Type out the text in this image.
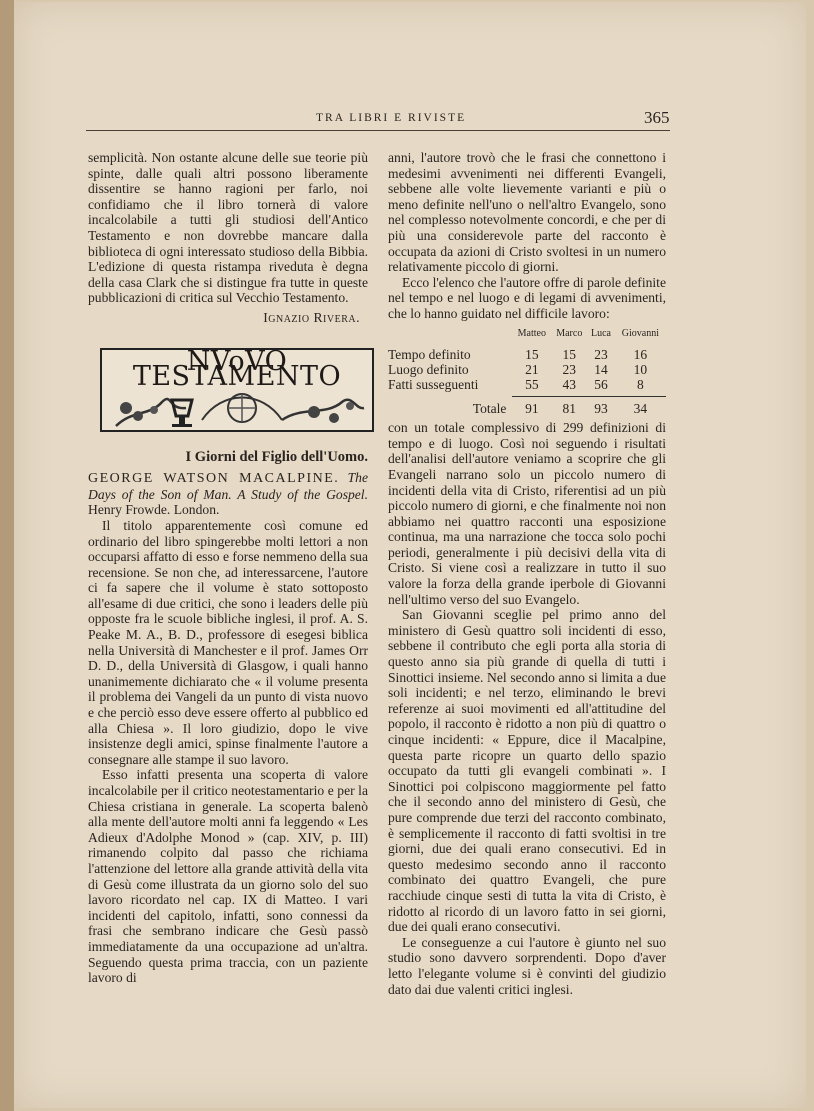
TRA LIBRI E RIVISTE	365

semplicità. Non ostante alcune delle sue teorie più spinte, dalle quali altri possono liberamente dissentire se hanno ragioni per farlo, noi confidiamo che il libro tornerà di valore incalcolabile a tutti gli studiosi dell'Antico Testamento e non dovrebbe mancare dalla biblioteca di ogni interessato studioso della Bibbia. L'edizione di questa ristampa riveduta è degna della casa Clark che si distingue fra tutte in queste pubblicazioni di critica sul Vecchio Testamento.

Ignazio Rivera.
NVoVO TESTAMENTO
I Giorni del Figlio dell'Uomo.

GEORGE WATSON MACALPINE. The Days of the Son of Man. A Study of the Gospel. Henry Frowde. London.

Il titolo apparentemente così comune ed ordinario del libro spingerebbe molti lettori a non occuparsi affatto di esso e forse nemmeno della sua recensione. Se non che, ad interessarcene, l'autore ci fa sapere che il volume è stato sottoposto all'esame di due critici, che sono i leaders delle più opposte fra le scuole bibliche inglesi, il prof. A. S. Peake M. A., B. D., professore di esegesi biblica nella Università di Manchester e il prof. James Orr D. D., della Università di Glasgow, i quali hanno unanimemente dichiarato che « il volume presenta il problema dei Vangeli da un punto di vista nuovo e che perciò esso deve essere offerto al pubblico ed alla Chiesa ». Il loro giudizio, dopo le vive insistenze degli amici, spinse finalmente l'autore a consegnare alle stampe il suo lavoro.

Esso infatti presenta una scoperta di valore incalcolabile per il critico neotestamentario e per la Chiesa cristiana in generale. La scoperta balenò alla mente dell'autore molti anni fa leggendo « Les Adieux d'Adolphe Monod » (cap. XIV, p. III) rimanendo colpito dal passo che richiama l'attenzione del lettore alla grande attività della vita di Gesù come illustrata da un giorno solo del suo lavoro ricordato nel cap. IX di Matteo. I vari incidenti del capitolo, infatti, sono connessi da frasi che sembrano indicare che Gesù passò immediatamente da una occupazione ad un'altra. Seguendo questa prima traccia, con un paziente lavoro di

anni, l'autore trovò che le frasi che connettono i medesimi avvenimenti nei differenti Evangeli, sebbene alle volte lievemente varianti e più o meno definite nell'uno o nell'altro Evangelo, sono nel complesso notevolmente concordi, e che per di più una considerevole parte del racconto è occupata da azioni di Cristo svoltesi in un numero relativamente piccolo di giorni.

Ecco l'elenco che l'autore offre di parole definite nel tempo e nel luogo e di legami di avvenimenti, che lo hanno guidato nel difficile lavoro:

	Matteo	Marco	Luca	Giovanni
Tempo definito	15	15	23	16
Luogo definito	21	23	14	10
Fatti susseguenti	55	43	56	8
Totale	91	81	93	34

con un totale complessivo di 299 definizioni di tempo e di luogo. Così noi seguendo i risultati dell'analisi dell'autore veniamo a scoprire che gli Evangeli narrano solo un piccolo numero di incidenti della vita di Cristo, riferentisi ad un più piccolo numero di giorni, e che finalmente noi non abbiamo nei quattro racconti una esposizione continua, ma una narrazione che tocca solo pochi periodi, generalmente i più decisivi della vita di Cristo. Si viene così a realizzare in tutto il suo valore la forza della grande iperbole di Giovanni nell'ultimo verso del suo Evangelo.

San Giovanni sceglie pel primo anno del ministero di Gesù quattro soli incidenti di esso, sebbene il contributo che egli porta alla storia di questo anno sia più grande di quella di tutti i Sinottici insieme. Nel secondo anno si limita a due soli incidenti; e nel terzo, eliminando le brevi referenze ai suoi movimenti ed all'attitudine del popolo, il racconto è ridotto a non più di quattro o cinque incidenti: « Eppure, dice il Macalpine, questa parte ricopre un quarto dello spazio occupato da tutti gli evangeli combinati ». I Sinottici poi colpiscono maggiormente pel fatto che il secondo anno del ministero di Gesù, che pure comprende due terzi del racconto combinato, è semplicemente il racconto di fatti svoltisi in tre giorni, due dei quali erano consecutivi. Ed in questo medesimo secondo anno il racconto combinato dei quattro Evangeli, che pure racchiude cinque sesti di tutta la vita di Cristo, è ridotto al ricordo di un lavoro fatto in sei giorni, due dei quali erano consecutivi.

Le conseguenze a cui l'autore è giunto nel suo studio sono davvero sorprendenti. Dopo d'aver letto l'elegante volume si è convinti del giudizio dato dai due valenti critici inglesi.
